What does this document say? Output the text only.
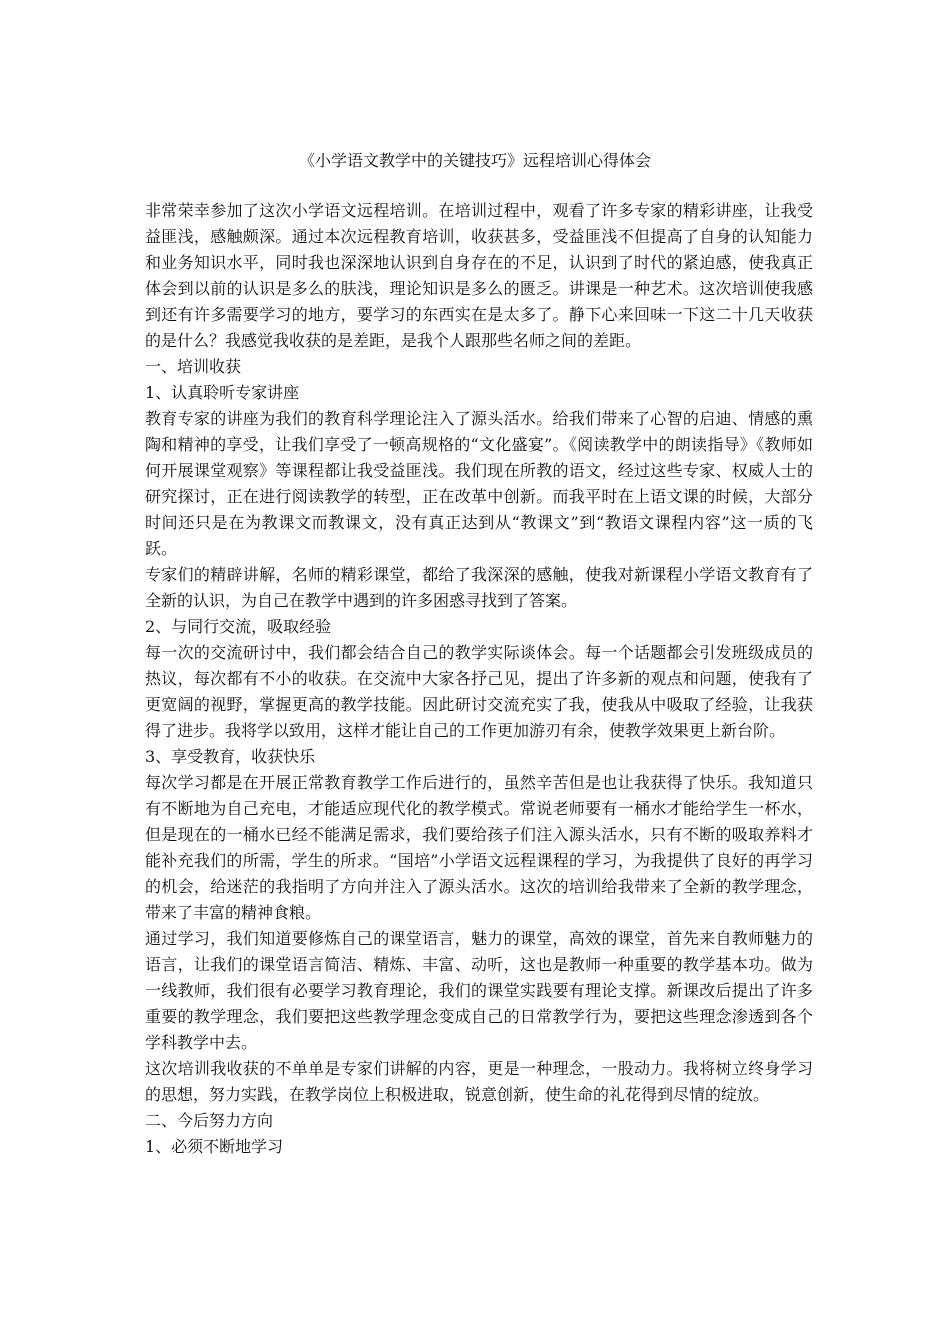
《小学语文教学中的关键技巧》远程培训心得体会

非常荣幸参加了这次小学语文远程培训。在培训过程中，观看了许多专家的精彩讲座，让我受益匪浅，感触颇深。通过本次远程教育培训，收获甚多，受益匪浅不但提高了自身的认知能力和业务知识水平，同时我也深深地认识到自身存在的不足，认识到了时代的紧迫感，使我真正体会到以前的认识是多么的肤浅，理论知识是多么的匮乏。讲课是一种艺术。这次培训使我感到还有许多需要学习的地方，要学习的东西实在是太多了。静下心来回味一下这二十几天收获的是什么？我感觉我收获的是差距，是我个人跟那些名师之间的差距。

一、培训收获

1、认真聆听专家讲座

教育专家的讲座为我们的教育科学理论注入了源头活水。给我们带来了心智的启迪、情感的熏陶和精神的享受，让我们享受了一顿高规格的“文化盛宴”。《阅读教学中的朗读指导》《教师如何开展课堂观察》等课程都让我受益匪浅。我们现在所教的语文，经过这些专家、权威人士的研究探讨，正在进行阅读教学的转型，正在改革中创新。而我平时在上语文课的时候，大部分时间还只是在为教课文而教课文，没有真正达到从“教课文”到“教语文课程内容”这一质的飞跃。

专家们的精辟讲解，名师的精彩课堂，都给了我深深的感触，使我对新课程小学语文教育有了全新的认识，为自己在教学中遇到的许多困惑寻找到了答案。

2、与同行交流，吸取经验

每一次的交流研讨中，我们都会结合自己的教学实际谈体会。每一个话题都会引发班级成员的热议，每次都有不小的收获。在交流中大家各抒己见，提出了许多新的观点和问题，使我有了更宽阔的视野，掌握更高的教学技能。因此研讨交流充实了我，使我从中吸取了经验，让我获得了进步。我将学以致用，这样才能让自己的工作更加游刃有余，使教学效果更上新台阶。

3、享受教育，收获快乐

每次学习都是在开展正常教育教学工作后进行的，虽然辛苦但是也让我获得了快乐。我知道只有不断地为自己充电，才能适应现代化的教学模式。常说老师要有一桶水才能给学生一杯水，但是现在的一桶水已经不能满足需求，我们要给孩子们注入源头活水，只有不断的吸取养料才能补充我们的所需，学生的所求。“国培”小学语文远程课程的学习，为我提供了良好的再学习的机会，给迷茫的我指明了方向并注入了源头活水。这次的培训给我带来了全新的教学理念，带来了丰富的精神食粮。

通过学习，我们知道要修炼自己的课堂语言，魅力的课堂，高效的课堂，首先来自教师魅力的语言，让我们的课堂语言简洁、精炼、丰富、动听，这也是教师一种重要的教学基本功。做为一线教师，我们很有必要学习教育理论，我们的课堂实践要有理论支撑。新课改后提出了许多重要的教学理念，我们要把这些教学理念变成自己的日常教学行为，要把这些理念渗透到各个学科教学中去。

这次培训我收获的不单单是专家们讲解的内容，更是一种理念，一股动力。我将树立终身学习的思想，努力实践，在教学岗位上积极进取，锐意创新，使生命的礼花得到尽情的绽放。

二、今后努力方向

1、必须不断地学习
